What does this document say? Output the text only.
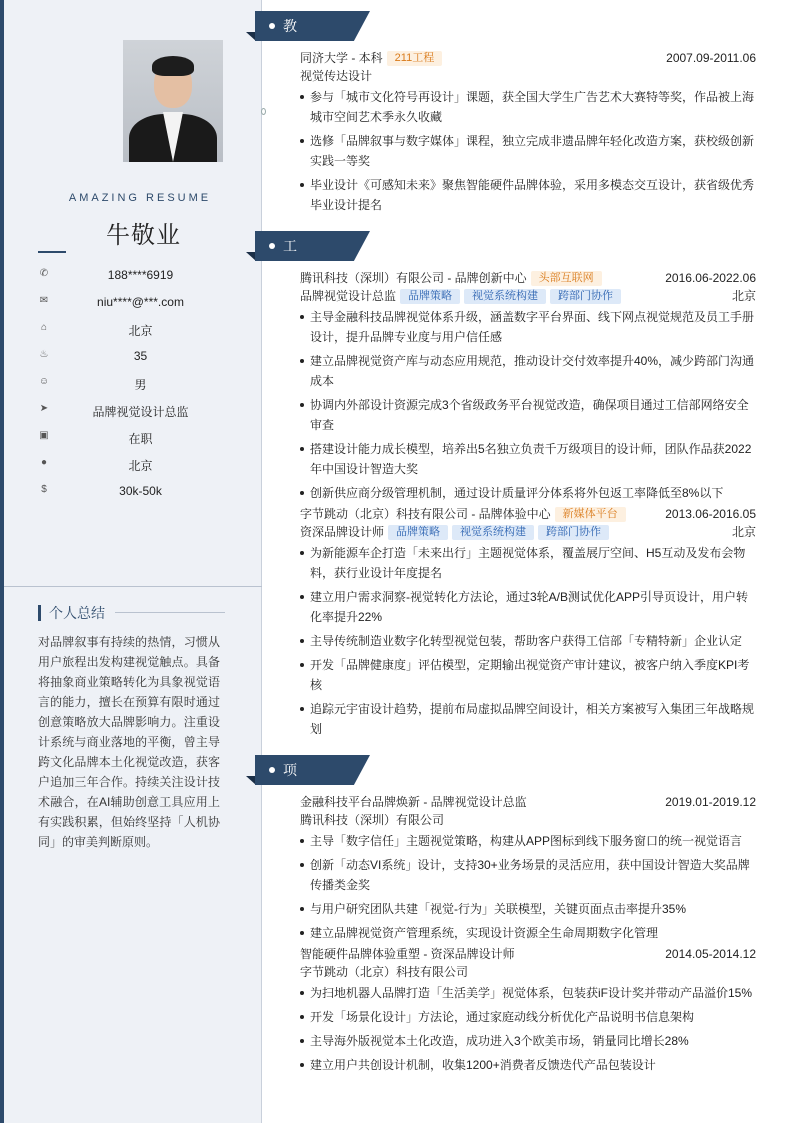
AMAZING RESUME
牛敬业
188****6919
✆
niu****@***.com
✉
北京
⌂
35
♨
男
☺
品牌视觉设计总监
➤
在职
▣
北京
●
30k-50k
$
个人总结
对品牌叙事有持续的热情，习惯从用户旅程出发构建视觉触点。具备将抽象商业策略转化为具象视觉语言的能力，擅长在预算有限时通过创意策略放大品牌影响力。注重设计系统与商业落地的平衡，曾主导跨文化品牌本土化视觉改造，获客户追加三年合作。持续关注设计技术融合，在AI辅助创意工具应用上有实践积累，但始终坚持「人机协同」的审美判断原则。
教育经历
同济大学 - 本科 211工程	2007.09-2011.06
视觉传达设计
参与「城市文化符号再设计」课题，获全国大学生广告艺术大赛特等奖，作品被上海城市空间艺术季永久收藏
选修「品牌叙事与数字媒体」课程，独立完成非遗品牌年轻化改造方案，获校级创新实践一等奖
毕业设计《可感知未来》聚焦智能硬件品牌体验，采用多模态交互设计，获省级优秀毕业设计提名
工作经历
腾讯科技（深圳）有限公司 - 品牌创新中心 头部互联网	2016.06-2022.06
品牌视觉设计总监 品牌策略 视觉系统构建 跨部门协作	北京
主导金融科技品牌视觉体系升级，涵盖数字平台界面、线下网点视觉规范及员工手册设计，提升品牌专业度与用户信任感
建立品牌视觉资产库与动态应用规范，推动设计交付效率提升40%，减少跨部门沟通成本
协调内外部设计资源完成3个省级政务平台视觉改造，确保项目通过工信部网络安全审查
搭建设计能力成长模型，培养出5名独立负责千万级项目的设计师，团队作品获2022年中国设计智造大奖
创新供应商分级管理机制，通过设计质量评分体系将外包返工率降低至8%以下
字节跳动（北京）科技有限公司 - 品牌体验中心 新媒体平台	2013.06-2016.05
资深品牌设计师 品牌策略 视觉系统构建 跨部门协作	北京
为新能源车企打造「未来出行」主题视觉体系，覆盖展厅空间、H5互动及发布会物料，获行业设计年度提名
建立用户需求洞察-视觉转化方法论，通过3轮A/B测试优化APP引导页设计，用户转化率提升22%
主导传统制造业数字化转型视觉包装，帮助客户获得工信部「专精特新」企业认定
开发「品牌健康度」评估模型，定期输出视觉资产审计建议，被客户纳入季度KPI考核
追踪元宇宙设计趋势，提前布局虚拟品牌空间设计，相关方案被写入集团三年战略规划
项目经历
金融科技平台品牌焕新 - 品牌视觉设计总监	2019.01-2019.12
腾讯科技（深圳）有限公司
主导「数字信任」主题视觉策略，构建从APP图标到线下服务窗口的统一视觉语言
创新「动态VI系统」设计，支持30+业务场景的灵活应用，获中国设计智造大奖品牌传播类金奖
与用户研究团队共建「视觉-行为」关联模型，关键页面点击率提升35%
建立品牌视觉资产管理系统，实现设计资源全生命周期数字化管理
智能硬件品牌体验重塑 - 资深品牌设计师	2014.05-2014.12
字节跳动（北京）科技有限公司
为扫地机器人品牌打造「生活美学」视觉体系，包装获iF设计奖并带动产品溢价15%
开发「场景化设计」方法论，通过家庭动线分析优化产品说明书信息架构
主导海外版视觉本土化改造，成功进入3个欧美市场，销量同比增长28%
建立用户共创设计机制，收集1200+消费者反馈迭代产品包装设计
